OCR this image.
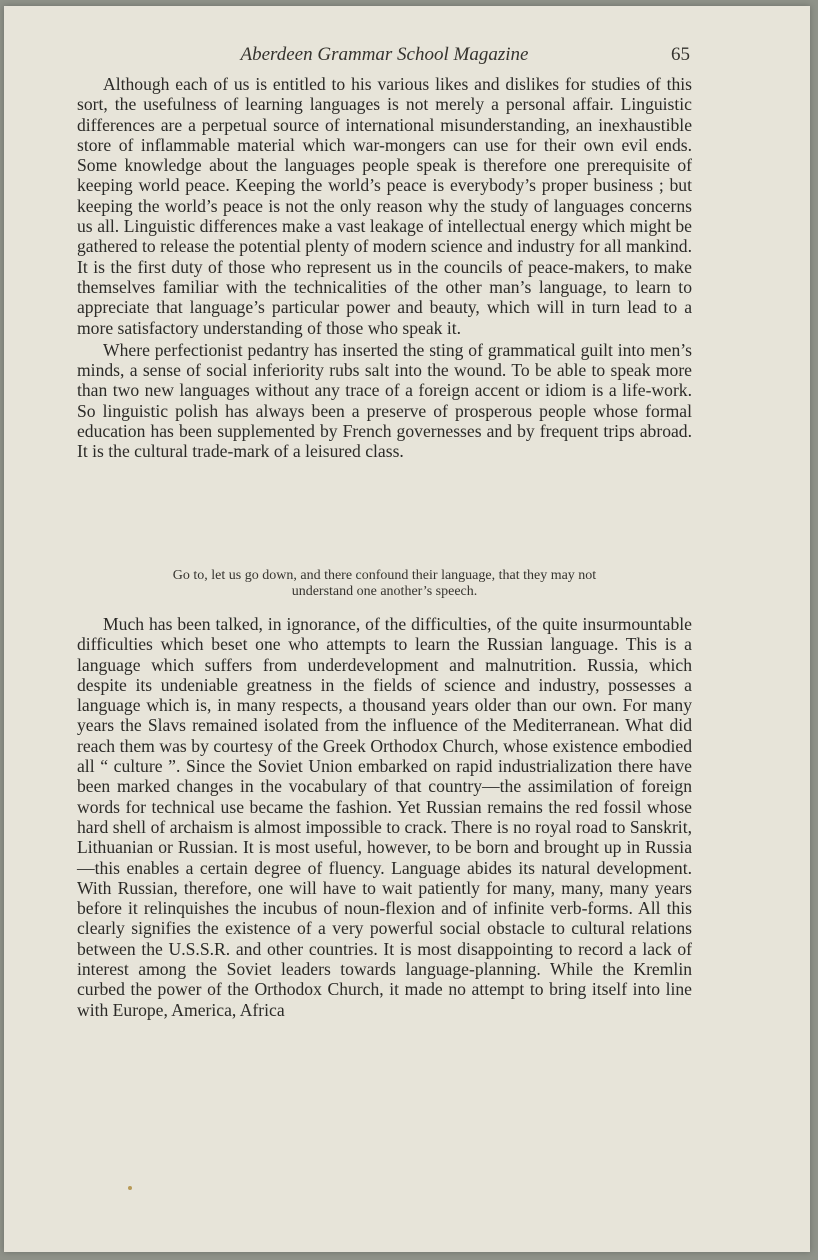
Aberdeen Grammar School Magazine	65

Although each of us is entitled to his various likes and dislikes for studies of this sort, the usefulness of learning languages is not merely a personal affair. Linguistic differences are a perpetual source of international misunderstanding, an inexhaustible store of inflammable material which war-mongers can use for their own evil ends. Some knowledge about the languages people speak is therefore one prerequisite of keeping world peace. Keeping the world’s peace is everybody’s proper business ; but keeping the world’s peace is not the only reason why the study of languages concerns us all. Linguistic differences make a vast leakage of intellectual energy which might be gathered to release the potential plenty of modern science and industry for all mankind. It is the first duty of those who represent us in the councils of peace-makers, to make themselves familiar with the technicalities of the other man’s language, to learn to appreciate that language’s particular power and beauty, which will in turn lead to a more satisfactory understanding of those who speak it.

Where perfectionist pedantry has inserted the sting of grammatical guilt into men’s minds, a sense of social inferiority rubs salt into the wound. To be able to speak more than two new languages without any trace of a foreign accent or idiom is a life-work. So linguistic polish has always been a preserve of prosperous people whose formal education has been supplemented by French governesses and by frequent trips abroad. It is the cultural trade-mark of a leisured class.

Go to, let us go down, and there confound their language, that they may not
understand one another’s speech.

Much has been talked, in ignorance, of the difficulties, of the quite insurmountable difficulties which beset one who attempts to learn the Russian language. This is a language which suffers from underdevelopment and malnutrition. Russia, which despite its undeniable greatness in the fields of science and industry, possesses a language which is, in many respects, a thousand years older than our own. For many years the Slavs remained isolated from the influence of the Mediterranean. What did reach them was by courtesy of the Greek Orthodox Church, whose existence embodied all “ culture ”. Since the Soviet Union embarked on rapid industrialization there have been marked changes in the vocabulary of that country—the assimilation of foreign words for technical use became the fashion. Yet Russian remains the red fossil whose hard shell of archaism is almost impossible to crack. There is no royal road to Sanskrit, Lithuanian or Russian. It is most useful, however, to be born and brought up in Russia—this enables a certain degree of fluency. Language abides its natural development. With Russian, therefore, one will have to wait patiently for many, many, many years before it relinquishes the incubus of noun-flexion and of infinite verb-forms. All this clearly signifies the existence of a very powerful social obstacle to cultural relations between the U.S.S.R. and other countries. It is most disappointing to record a lack of interest among the Soviet leaders towards language-planning. While the Kremlin curbed the power of the Orthodox Church, it made no attempt to bring itself into line with Europe, America, Africa
